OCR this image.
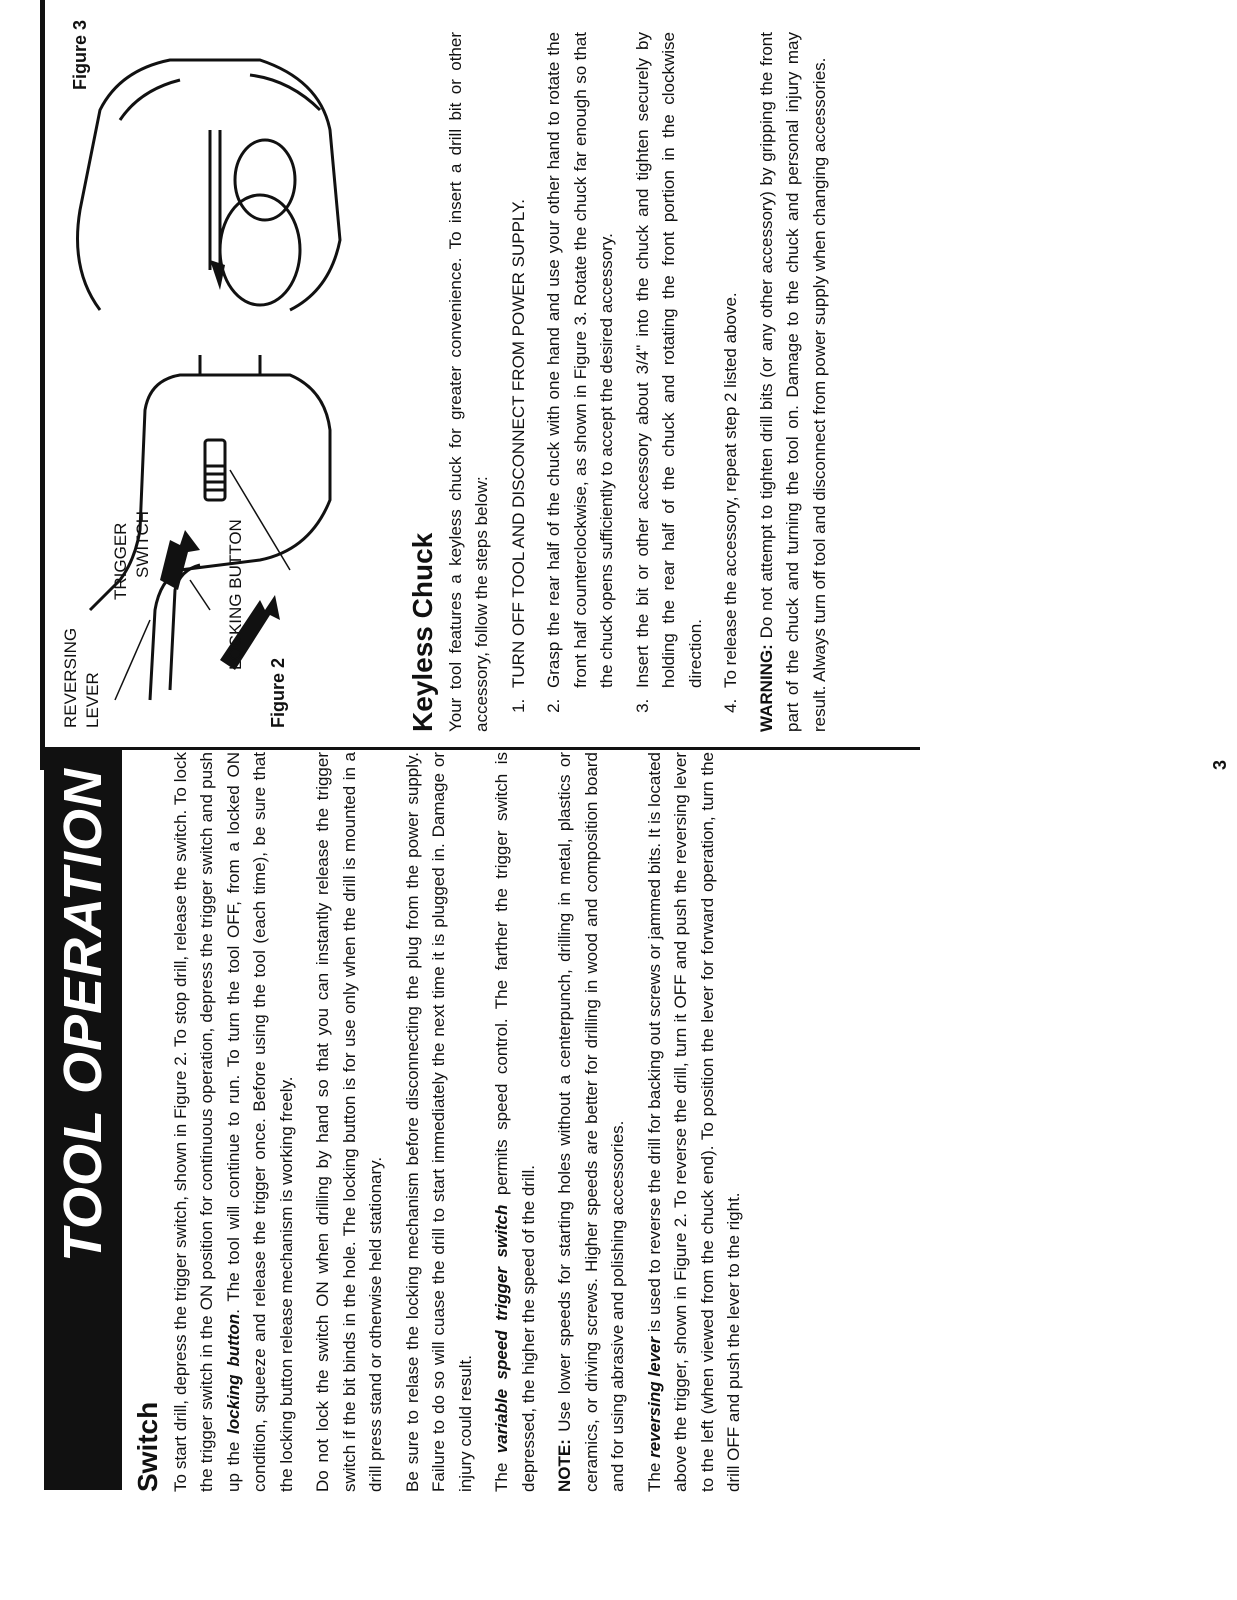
TOOL OPERATION
Switch To start drill, depress the trigger switch, shown in Figure 2. To stop drill, release the switch. To lock the trigger switch in the ON position for continuous operation, depress the trigger switch and push up the locking button. The tool will continue to run. To turn the tool OFF, from a locked ON condition, squeeze and release the trigger once. Before using the tool (each time), be sure that the locking button release mechanism is working freely. Do not lock the switch ON when drilling by hand so that you can instantly release the trigger switch if the bit binds in the hole. The locking button is for use only when the drill is mounted in a drill press stand or otherwise held stationary. Be sure to relase the locking mechanism before disconnecting the plug from the power supply. Failure to do so will cuase the drill to start immediately the next time it is plugged in. Damage or injury could result. The variable speed trigger switch permits speed control. The farther the trigger switch is depressed, the higher the speed of the drill. NOTE: Use lower speeds for starting holes without a centerpunch, drilling in metal, plastics or ceramics, or driving screws. Higher speeds are better for drilling in wood and composition board and for using abrasive and polishing accessories. The reversing lever is used to reverse the drill for backing out screws or jammed bits. It is located above the trigger, shown in Figure 2. To reverse the drill, turn it OFF and push the reversing lever to the left (when viewed from the chuck end). To position the lever for forward operation, turn the drill OFF and push the lever to the right.

REVERSING LEVER
TRIGGER SWITCH	LOCKING BUTTON
Figure 2
Figure 3
Keyless Chuck Your tool features a keyless chuck for greater convenience. To insert a drill bit or other accessory, follow the steps below: 1. TURN OFF TOOL AND DISCONNECT FROM POWER SUPPLY. 2. Grasp the rear half of the chuck with one hand and use your other hand to rotate the front half counterclockwise, as shown in Figure 3. Rotate the chuck far enough so that the chuck opens sufficiently to accept the desired accessory. 3. Insert the bit or other accessory about 3/4" into the chuck and tighten securely by holding the rear half of the chuck and rotating the front portion in the clockwise direction. 4. To release the accessory, repeat step 2 listed above.

WARNING: Do not attempt to tighten drill bits (or any other accessory) by gripping the front part of the chuck and turning the tool on. Damage to the chuck and personal injury may result. Always turn off tool and disconnect from power supply when changing accessories.

3
